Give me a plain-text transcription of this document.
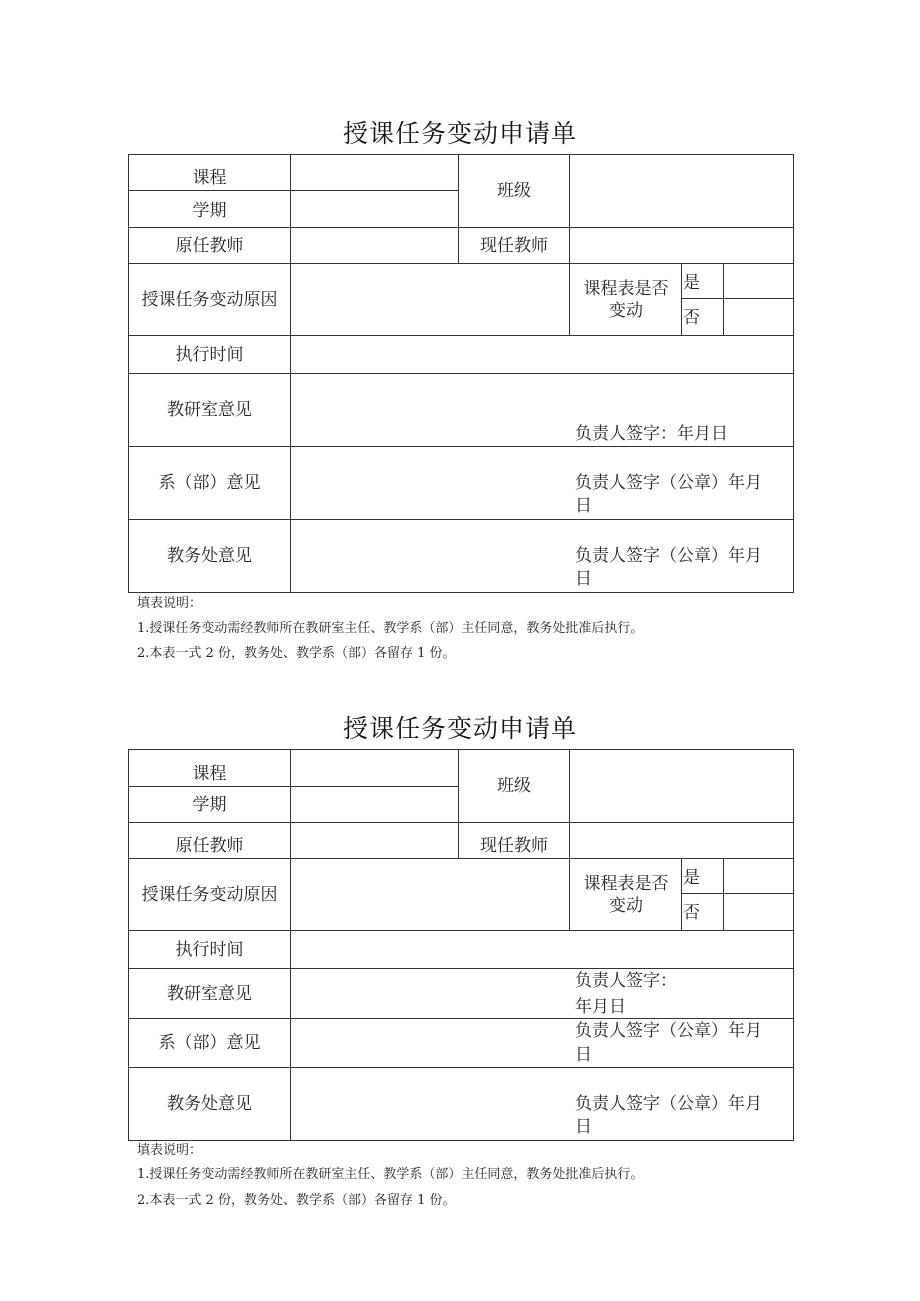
授课任务变动申请单
课程
学期
班级
原任教师	现任教师
授课任务变动原因
课程表是否变动
是
否
执行时间
教研室意见
系（部）意见
教务处意见
负责人签字：年月日
负责人签字（公章）年月
日
负责人签字（公章）年月
日
填表说明：
1.授课任务变动需经教师所在教研室主任、教学系（部）主任同意，教务处批准后执行。
2.本表一式 2 份，教务处、教学系（部）各留存 1 份。
授课任务变动申请单
课程
学期
班级
原任教师	现任教师
授课任务变动原因
课程表是否变动
是
否
执行时间
教研室意见
系（部）意见
教务处意见
负责人签字：
年月日
负责人签字（公章）年月
日
负责人签字（公章）年月
日
填表说明：
1.授课任务变动需经教师所在教研室主任、教学系（部）主任同意，教务处批准后执行。
2.本表一式 2 份，教务处、教学系（部）各留存 1 份。
